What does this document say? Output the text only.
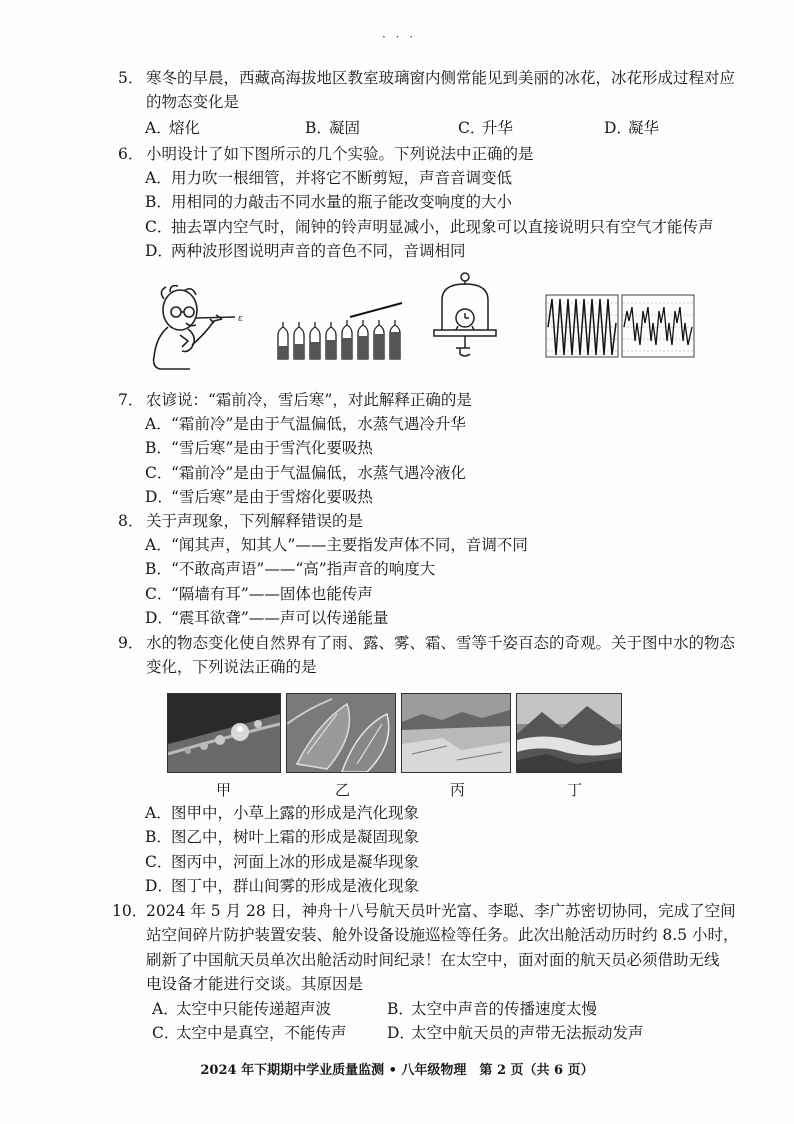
· · ·
5． 寒冬的早晨，西藏高海拔地区教室玻璃窗内侧常能见到美丽的冰花，冰花形成过程对应
的物态变化是
A．熔化	B．凝固	C．升华	D．凝华
6． 小明设计了如下图所示的几个实验。下列说法中正确的是
A．用力吹一根细管，并将它不断剪短，声音音调变低
B．用相同的力敲击不同水量的瓶子能改变响度的大小
C．抽去罩内空气时，闹钟的铃声明显减小，此现象可以直接说明只有空气才能传声
D．两种波形图说明声音的音色不同，音调相同
ε
7． 农谚说：“霜前冷，雪后寒”，对此解释正确的是
A．“霜前冷”是由于气温偏低，水蒸气遇冷升华
B．“雪后寒”是由于雪汽化要吸热
C．“霜前冷”是由于气温偏低，水蒸气遇冷液化
D．“雪后寒”是由于雪熔化要吸热
8． 关于声现象，下列解释错误的是
A．“闻其声，知其人”——主要指发声体不同，音调不同
B．“不敢高声语”——“高”指声音的响度大
C．“隔墙有耳”——固体也能传声
D．“震耳欲聋”——声可以传递能量
9． 水的物态变化使自然界有了雨、露、雾、霜、雪等千姿百态的奇观。关于图中水的物态
变化，下列说法正确的是
甲	乙	丙	丁
A．图甲中，小草上露的形成是汽化现象
B．图乙中，树叶上霜的形成是凝固现象
C．图丙中，河面上冰的形成是凝华现象
D．图丁中，群山间雾的形成是液化现象
10．2024 年 5 月 28 日，神舟十八号航天员叶光富、李聪、李广苏密切协同，完成了空间
站空间碎片防护装置安装、舱外设备设施巡检等任务。此次出舱活动历时约 8.5 小时，
刷新了中国航天员单次出舱活动时间纪录！在太空中，面对面的航天员必须借助无线
电设备才能进行交谈。其原因是
A．太空中只能传递超声波	B．太空中声音的传播速度太慢
C．太空中是真空，不能传声	D．太空中航天员的声带无法振动发声
2024 年下期期中学业质量监测 • 八年级物理　第 2 页（共 6 页）
